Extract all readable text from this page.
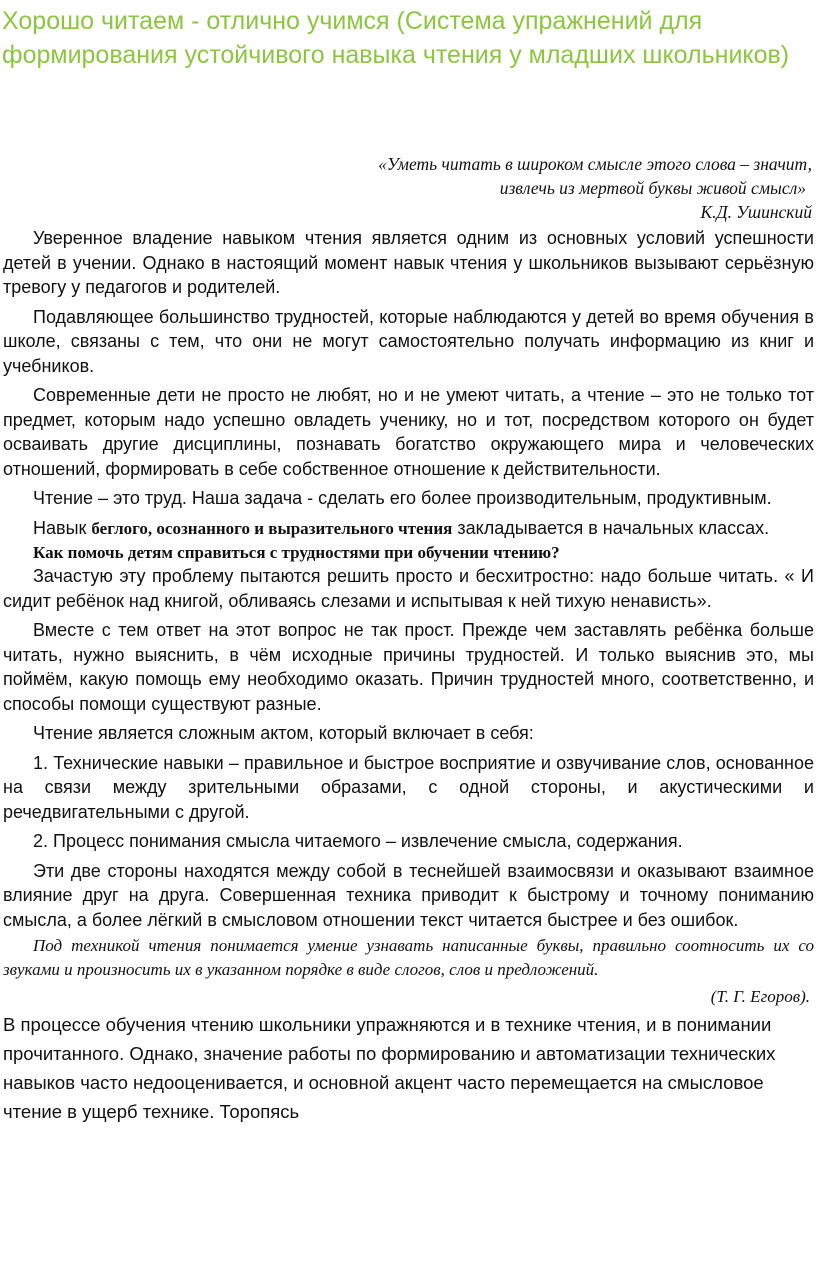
Хорошо читаем - отлично учимся (Система упражнений для формирования устойчивого навыка чтения у младших школьников)
«Уметь читать в широком смысле этого слова – значит,
извлечь из мертвой буквы живой смысл»
К.Д. Ушинский

Уверенное владение навыком чтения является одним из основных условий успешности детей в учении. Однако в настоящий момент навык чтения у школьников вызывают серьёзную тревогу у педагогов и родителей.

Подавляющее большинство трудностей, которые наблюдаются у детей во время обучения в школе, связаны с тем, что они не могут самостоятельно получать информацию из книг и учебников.

Современные дети не просто не любят, но и не умеют читать, а чтение – это не только тот предмет, которым надо успешно овладеть ученику, но и тот, посредством которого он будет осваивать другие дисциплины, познавать богатство окружающего мира и человеческих отношений, формировать в себе собственное отношение к действительности.

Чтение – это труд. Наша задача - сделать его более производительным, продуктивным.

Навык беглого, осознанного и выразительного чтения закладывается в начальных классах.

Как помочь детям справиться с трудностями при обучении чтению?

Зачастую эту проблему пытаются решить просто и бесхитростно: надо больше читать. « И сидит ребёнок над книгой, обливаясь слезами и испытывая к ней тихую ненависть».

Вместе с тем ответ на этот вопрос не так прост. Прежде чем заставлять ребёнка больше читать, нужно выяснить, в чём исходные причины трудностей. И только выяснив это, мы поймём, какую помощь ему необходимо оказать. Причин трудностей много, соответственно, и способы помощи существуют разные.

Чтение является сложным актом, который включает в себя:

1. Технические навыки – правильное и быстрое восприятие и озвучивание слов, основанное на связи между зрительными образами, с одной стороны, и акустическими и речедвигательными с другой.

2. Процесс понимания смысла читаемого – извлечение смысла, содержания.

Эти две стороны находятся между собой в теснейшей взаимосвязи и оказывают взаимное влияние друг на друга. Совершенная техника приводит к быстрому и точному пониманию смысла, а более лёгкий в смысловом отношении текст читается быстрее и без ошибок.

Под техникой чтения понимается умение узнавать написанные буквы, правильно соотносить их со звуками и произносить их в указанном порядке в виде слогов, слов и предложений.

(Т. Г. Егоров).

В процессе обучения чтению школьники упражняются и в технике чтения, и в понимании прочитанного. Однако, значение работы по формированию и автоматизации технических навыков часто недооценивается, и основной акцент часто перемещается на смысловое чтение в ущерб технике. Торопясь
